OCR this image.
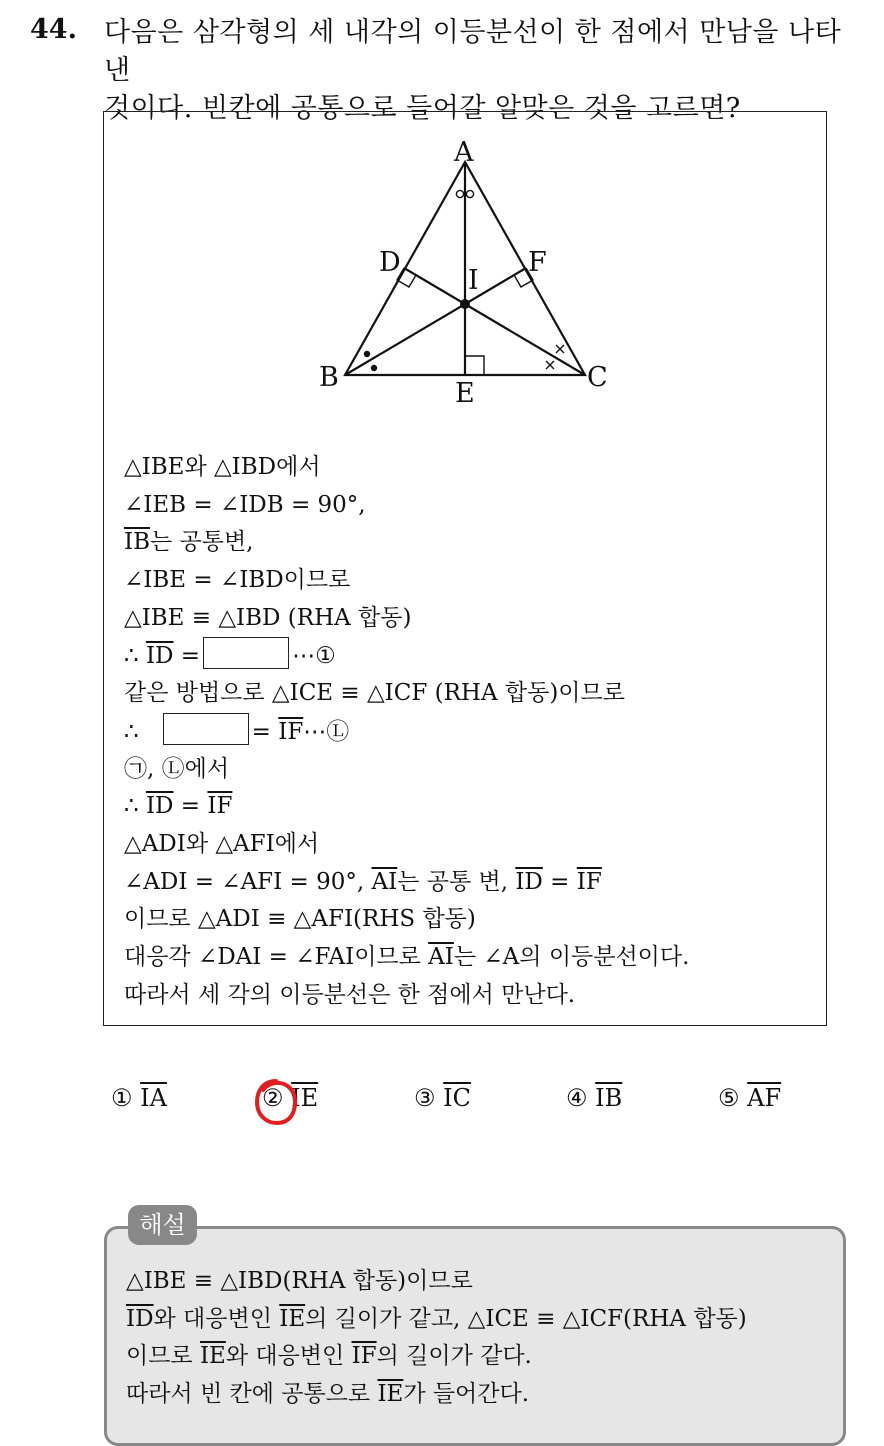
44. 다음은 삼각형의 세 내각의 이등분선이 한 점에서 만남을 나타낸
것이다. 빈칸에 공통으로 들어갈 알맞은 것을 고르면?
A
B	C
D
E
F
I
△IBE와 △IBD에서
∠IEB = ∠IDB = 90°,
$\overline{IB}$는 공통변,
∠IBE = ∠IBD이므로
△IBE ≡ △IBD (RHA 합동)
∴ $\overline{ID}$ =	⋯①
같은 방법으로 △ICE ≡ △ICF (RHA 합동)이므로
∴	= $\overline{IF}\cdotsⓁ$
㉠, Ⓛ에서
∴ $\overline{ID} = \overline{IF}$
△ADI와 △AFI에서
∠ADI = ∠AFI = 90°, $\overline{AI}$는 공통 변, $\overline{ID} = \overline{IF}$
이므로 △ADI ≡ △AFI(RHS 합동)
대응각 ∠DAI = ∠FAI이므로 $\overline{AI}$는 ∠A의 이등분선이다.
따라서 세 각의 이등분선은 한 점에서 만난다.
① $\overline{IA}$	② $\overline{IE}$	③ $\overline{IC}$	④ $\overline{IB}$	⑤ $\overline{AF}$
해설
△IBE ≡ △IBD(RHA 합동)이므로
$\overline{ID}$와 대응변인 $\overline{IE}$의 길이가 같고, △ICE ≡ △ICF(RHA 합동)
이므로 $\overline{IE}$와 대응변인 $\overline{IF}$의 길이가 같다.
따라서 빈 칸에 공통으로 $\overline{IE}$가 들어간다.
